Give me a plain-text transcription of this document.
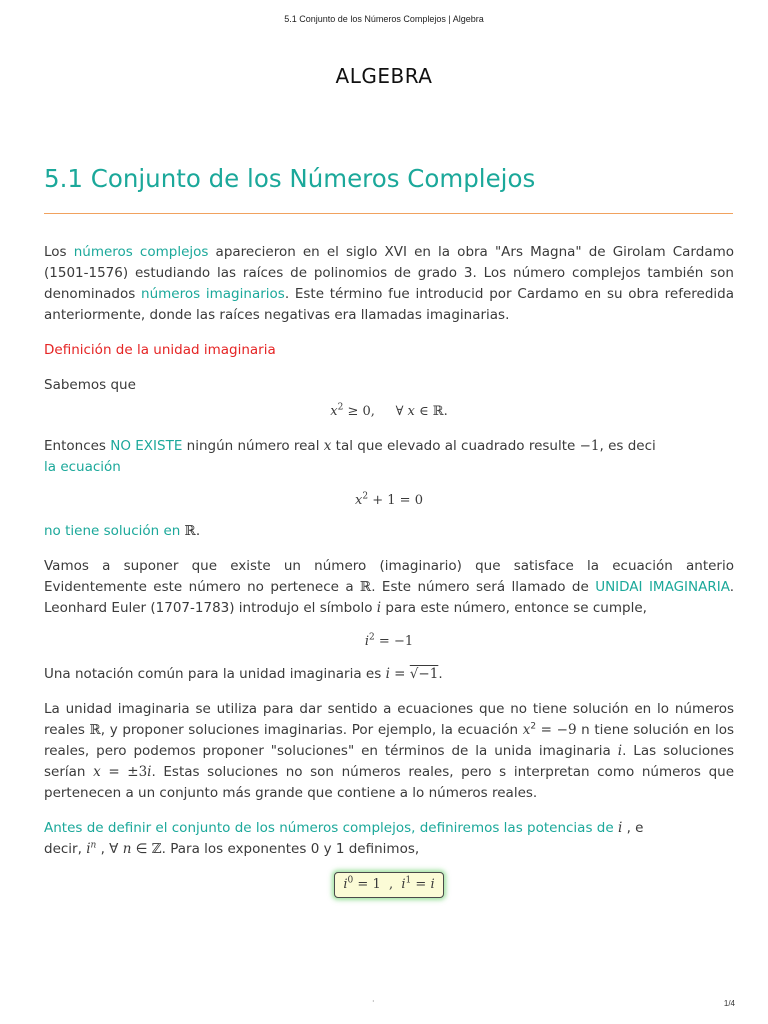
5.1 Conjunto de los Números Complejos | Algebra
ALGEBRA
5.1 Conjunto de los Números Complejos

Los números complejos aparecieron en el siglo XVI en la obra "Ars Magna" de Girolam Cardamo (1501-1576) estudiando las raíces de polinomios de grado 3. Los número complejos también son denominados números imaginarios. Este término fue introducid por Cardamo en su obra referedida anteriormente, donde las raíces negativas era llamadas imaginarias.

Definición de la unidad imaginaria

Sabemos que

$x^2 \ge 0$,     ∀ x ∈ ℝ.

Entonces NO EXISTE ningún número real x tal que elevado al cuadrado resulte −1, es deci

la ecuación

$x^2 + 1 = 0$

no tiene solución en ℝ.

Vamos a suponer que existe un número (imaginario) que satisface la ecuación anterio Evidentemente este número no pertenece a ℝ. Este número será llamado de UNIDAI IMAGINARIA. Leonhard Euler (1707-1783) introdujo el símbolo i para este número, entonce se cumple,

$i^2 = -1$

Una notación común para la unidad imaginaria es i = √−1.

La unidad imaginaria se utiliza para dar sentido a ecuaciones que no tiene solución en lo números reales ℝ, y proponer soluciones imaginarias. Por ejemplo, la ecuación $x^2 = -9$ n tiene solución en los reales, pero podemos proponer "soluciones" en términos de la unida imaginaria i. Las soluciones serían x = ±3i. Estas soluciones no son números reales, pero s interpretan como números que pertenecen a un conjunto más grande que contiene a lo números reales.

Antes de definir el conjunto de los números complejos, definiremos las potencias de i , e

decir, $i^n$ , ∀ n ∈ ℤ. Para los exponentes 0 y 1 definimos,

$i^0 = 1$  ,  $i^1 = i$
·	1/4
